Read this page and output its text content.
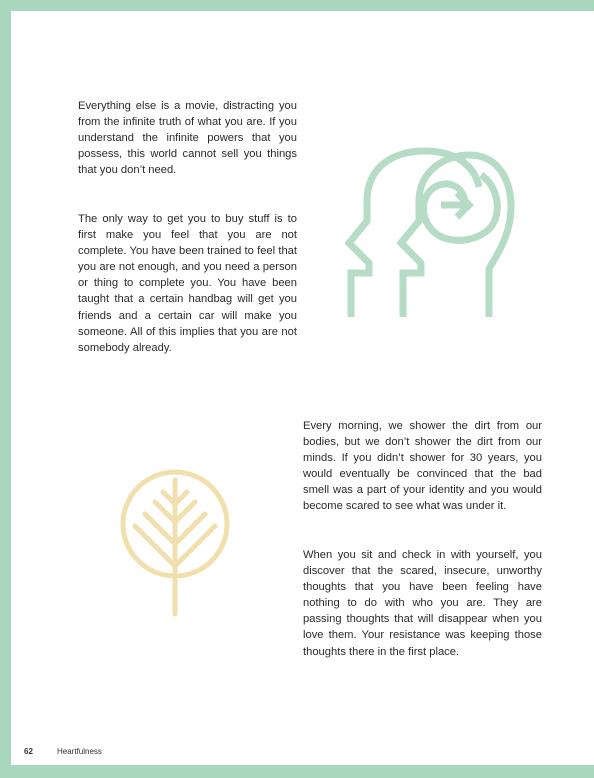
Everything else is a movie, distracting you from the infinite truth of what you are. If you understand the infinite powers that you possess, this world cannot sell you things that you don’t need.

The only way to get you to buy stuff is to first make you feel that you are not complete. You have been trained to feel that you are not enough, and you need a person or thing to complete you. You have been taught that a certain handbag will get you friends and a certain car will make you someone. All of this implies that you are not somebody already.

Every morning, we shower the dirt from our bodies, but we don’t shower the dirt from our minds. If you didn’t shower for 30 years, you would eventually be convinced that the bad smell was a part of your identity and you would become scared to see what was under it.

When you sit and check in with yourself, you discover that the scared, insecure, unworthy thoughts that you have been feeling have nothing to do with who you are. They are passing thoughts that will disappear when you love them. Your resistance was keeping those thoughts there in the first place.

62	Heartfulness
